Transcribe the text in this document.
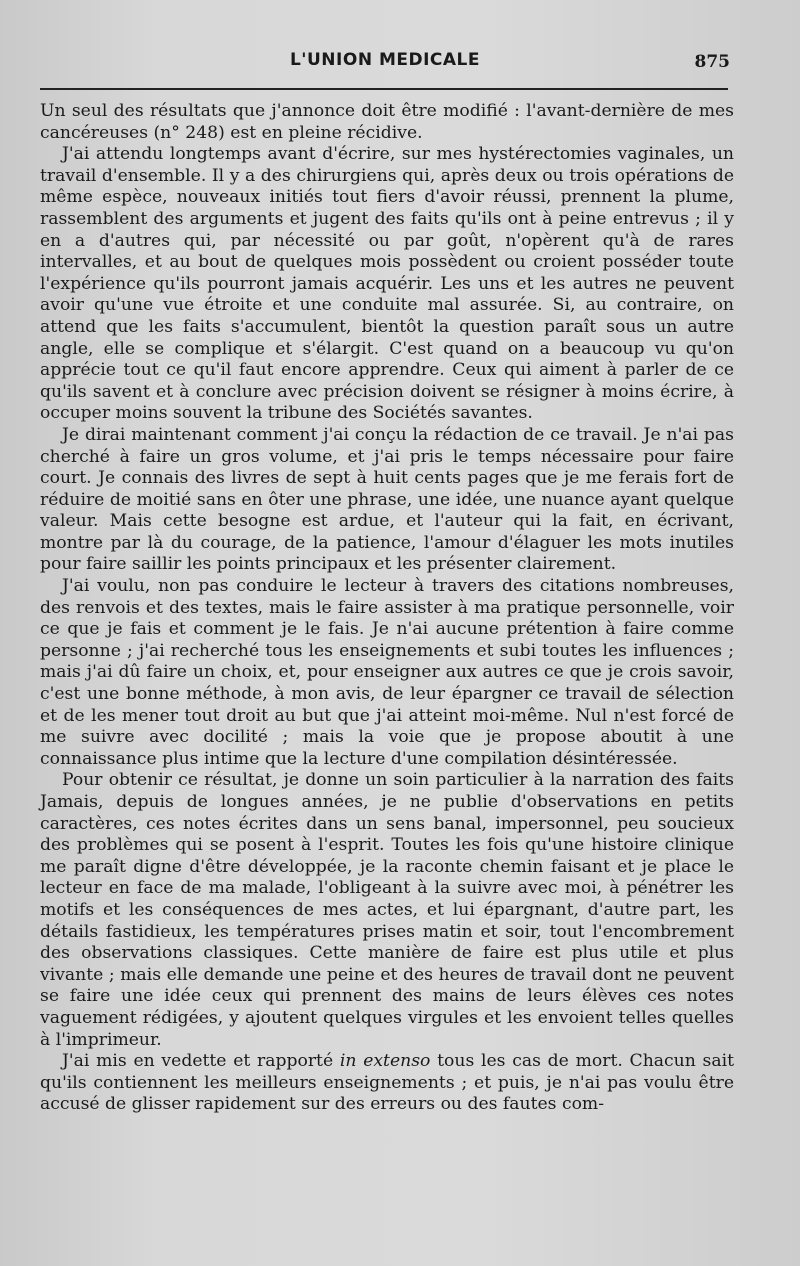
L'UNION MEDICALE	875

Un seul des résultats que j'annonce doit être modifié : l'avant-dernière de mes cancéreuses (n° 248) est en pleine récidive.

J'ai attendu longtemps avant d'écrire, sur mes hystérectomies vaginales, un travail d'ensemble. Il y a des chirurgiens qui, après deux ou trois opérations de même espèce, nouveaux initiés tout fiers d'avoir réussi, prennent la plume, rassemblent des arguments et jugent des faits qu'ils ont à peine entrevus ; il y en a d'autres qui, par nécessité ou par goût, n'opèrent qu'à de rares intervalles, et au bout de quelques mois possèdent ou croient posséder toute l'expérience qu'ils pourront jamais acquérir. Les uns et les autres ne peuvent avoir qu'une vue étroite et une conduite mal assurée. Si, au contraire, on attend que les faits s'accumulent, bientôt la question paraît sous un autre angle, elle se complique et s'élargit. C'est quand on a beaucoup vu qu'on apprécie tout ce qu'il faut encore apprendre. Ceux qui aiment à parler de ce qu'ils savent et à conclure avec précision doivent se résigner à moins écrire, à occuper moins souvent la tribune des Sociétés savantes.

Je dirai maintenant comment j'ai conçu la rédaction de ce travail. Je n'ai pas cherché à faire un gros volume, et j'ai pris le temps nécessaire pour faire court. Je connais des livres de sept à huit cents pages que je me ferais fort de réduire de moitié sans en ôter une phrase, une idée, une nuance ayant quelque valeur. Mais cette besogne est ardue, et l'auteur qui la fait, en écrivant, montre par là du courage, de la patience, l'amour d'élaguer les mots inutiles pour faire saillir les points principaux et les présenter clairement.

J'ai voulu, non pas conduire le lecteur à travers des citations nombreuses, des renvois et des textes, mais le faire assister à ma pratique personnelle, voir ce que je fais et comment je le fais. Je n'ai aucune prétention à faire comme personne ; j'ai recherché tous les enseignements et subi toutes les influences ; mais j'ai dû faire un choix, et, pour enseigner aux autres ce que je crois savoir, c'est une bonne méthode, à mon avis, de leur épargner ce travail de sélection et de les mener tout droit au but que j'ai atteint moi-même. Nul n'est forcé de me suivre avec docilité ; mais la voie que je propose aboutit à une connaissance plus intime que la lecture d'une compilation désintéressée.

Pour obtenir ce résultat, je donne un soin particulier à la narration des faits Jamais, depuis de longues années, je ne publie d'observations en petits caractères, ces notes écrites dans un sens banal, impersonnel, peu soucieux des problèmes qui se posent à l'esprit. Toutes les fois qu'une histoire clinique me paraît digne d'être développée, je la raconte chemin faisant et je place le lecteur en face de ma malade, l'obligeant à la suivre avec moi, à pénétrer les motifs et les conséquences de mes actes, et lui épargnant, d'autre part, les détails fastidieux, les températures prises matin et soir, tout l'encombrement des observations classiques. Cette manière de faire est plus utile et plus vivante ; mais elle demande une peine et des heures de travail dont ne peuvent se faire une idée ceux qui prennent des mains de leurs élèves ces notes vaguement rédigées, y ajoutent quelques virgules et les envoient telles quelles à l'imprimeur.

J'ai mis en vedette et rapporté in extenso tous les cas de mort. Chacun sait qu'ils contiennent les meilleurs enseignements ; et puis, je n'ai pas voulu être accusé de glisser rapidement sur des erreurs ou des fautes com-
